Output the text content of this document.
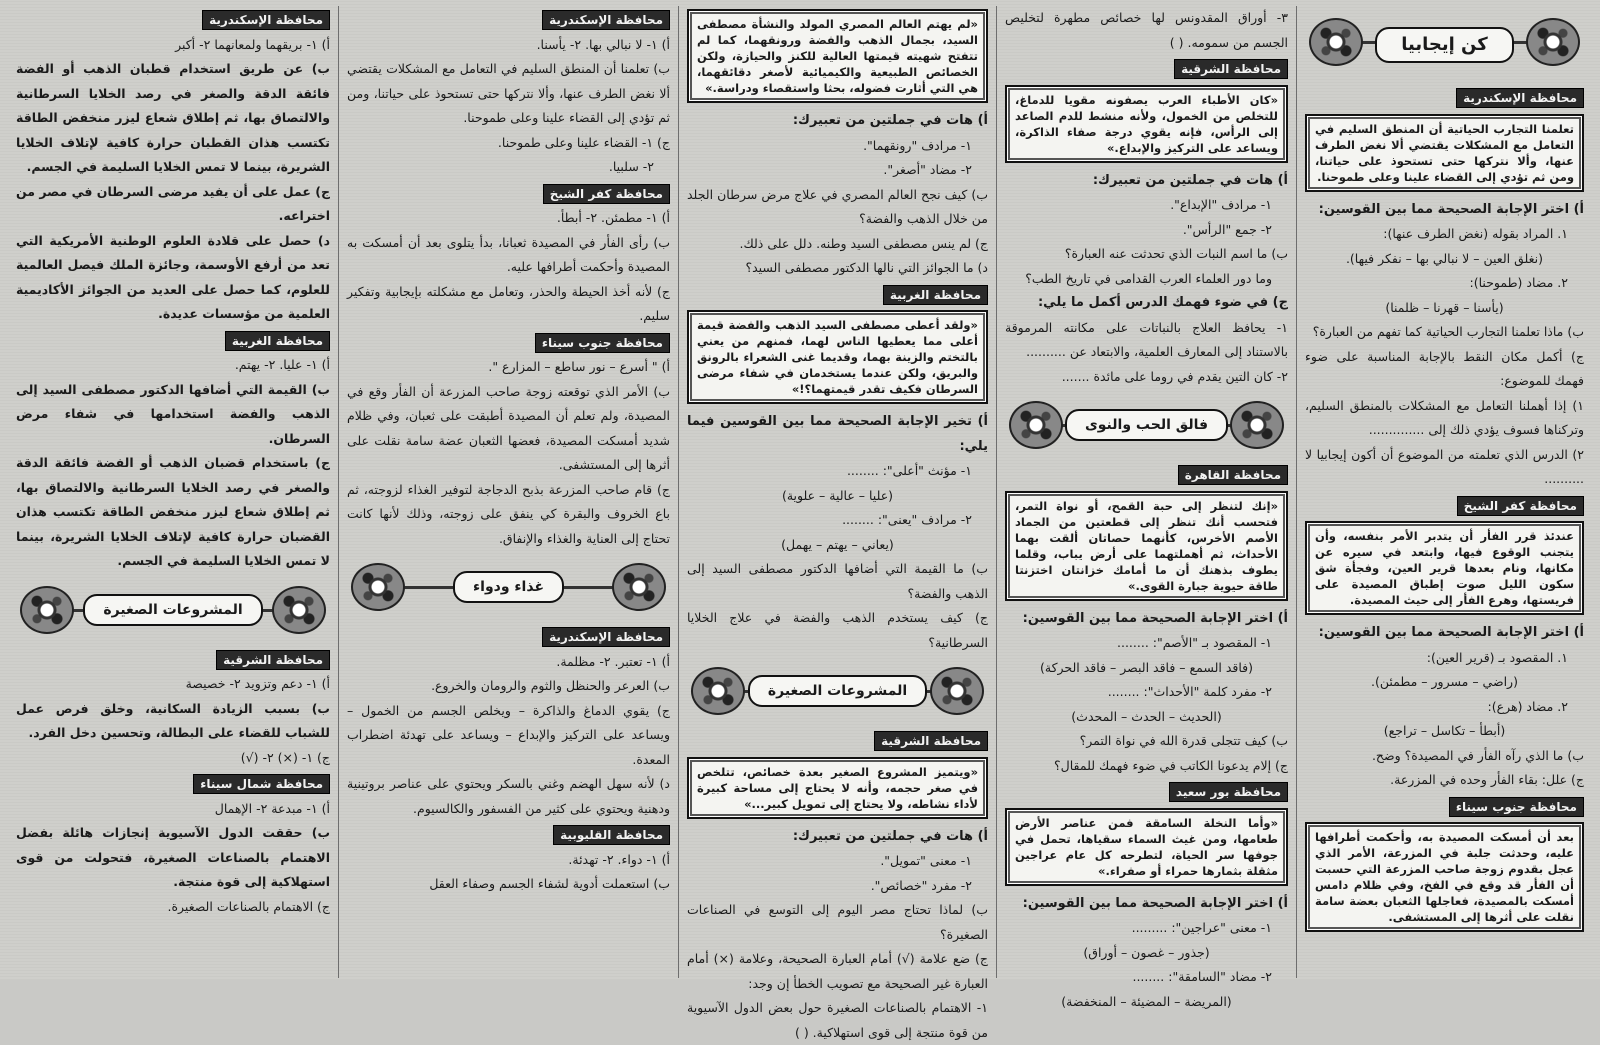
كن إيجابيا
محافظة الإسكندرية
تعلمنا التجارب الحياتية أن المنطق السليم في التعامل مع المشكلات يقتضي ألا نغض الطرف عنها، وألا نتركها حتى تستحوذ على حياتنا، ومن ثم تؤدي إلى القضاء علينا وعلى طموحنا.
أ) اختر الإجابة الصحيحة مما بين القوسين:
١. المراد بقوله (نغض الطرف عنها):
(نغلق العين – لا نبالي بها – نفكر فيها).
٢. مضاد (طموحنا):
(يأسنا – قهرنا – ظلمنا)
ب) ماذا تعلمنا التجارب الحياتية كما تفهم من العبارة؟
ج) أكمل مكان النقط بالإجابة المناسبة على ضوء فهمك للموضوع:
١) إذا أهملنا التعامل مع المشكلات بالمنطق السليم، وتركناها فسوف يؤدي ذلك إلى ..............
٢) الدرس الذي تعلمته من الموضوع أن أكون إيجابيا لا ..........
محافظة كفر الشيخ
عندئذ قرر الفأر أن يتدبر الأمر بنفسه، وأن يتجنب الوقوع فيها، وابتعد في سيره عن مكانها، ونام بعدها قرير العين، وفجأة شق سكون الليل صوت إطباق المصيدة على فريستها، وهرع الفأر إلى حيث المصيدة.
أ) اختر الإجابة الصحيحة مما بين القوسين:
١. المقصود بـ (قرير العين):
(راضي – مسرور – مطمئن).
٢. مضاد (هرع):
(أبطأ – تكاسل – تراجع)
ب) ما الذي رآه الفأر في المصيدة؟ وضح.
ج) علل: بقاء الفأر وحده في المزرعة.
محافظة جنوب سيناء
بعد أن أمسكت المصيدة به، وأحكمت أطرافها عليه، وحدثت جلبة في المزرعة، الأمر الذي عجل بقدوم زوجة صاحب المزرعة التي حسبت أن الفأر قد وقع في الفخ، وفي ظلام دامس أمسكت بالمصيدة، فعاجلها الثعبان بعضة سامة نقلت على أثرها إلى المستشفى.
٣- أوراق المقدونس لها خصائص مطهرة لتخليص الجسم من سمومه. ( )
محافظة الشرقية
«كان الأطباء العرب يصفونه مقويا للدماغ، للتخلص من الخمول، ولأنه منشط للدم الصاعد إلى الرأس، فإنه يقوي درجة صفاء الذاكرة، ويساعد على التركيز والإبداع.»
أ) هات في جملتين من تعبيرك:
١- مرادف "الإبداع".
٢- جمع "الرأس".
ب) ما اسم النبات الذي تحدثت عنه العبارة؟
وما دور العلماء العرب القدامى في تاريخ الطب؟
ج) في ضوء فهمك الدرس أكمل ما يلي:
١- يحافظ العلاج بالنباتات على مكانته المرموقة بالاستناد إلى المعارف العلمية، والابتعاد عن ..........
٢- كان التين يقدم في روما على مائدة .......
فالق الحب والنوى
محافظة القاهرة
«إنك لتنظر إلى حبة القمح، أو نواة التمر، فتحسب أنك تنظر إلى قطعتين من الجماد الأصم الأخرس، كأنهما حصاتان ألقت بهما الأحداث، ثم أهملتهما على أرض يباب، وقلما يطوف بذهنك أن ما أمامك خزانتان اختزنتا طاقة حيوية جبارة القوى.»
أ) اختر الإجابة الصحيحة مما بين القوسين:
١- المقصود بـ "الأصم": ........
(فاقد السمع – فاقد البصر – فاقد الحركة)
٢- مفرد كلمة "الأحداث": ........
(الحديث – الحدث – المحدث)
ب) كيف تتجلى قدرة الله في نواة التمر؟
ج) إلام يدعونا الكاتب في ضوء فهمك للمقال؟
محافظة بور سعيد
«وأما النخلة السامقة فمن عناصر الأرض طعامها، ومن غيث السماء سقياها، تحمل في جوفها سر الحياة، لتطرحه كل عام عراجين مثقلة بثمارها حمراء أو صفراء.»
أ) اختر الإجابة الصحيحة مما بين القوسين:
١- معنى "عراجين": .........
(جذور – غصون – أوراق)
٢- مضاد "السامقة": ........
(المريضة – المضيئة – المنخفضة)
«لم يهتم العالم المصري المولد والنشأة مصطفى السيد، بجمال الذهب والفضة ورونقهما، كما لم تتفتح شهيته قيمتها العالية للكنز والحيازة، ولكن الخصائص الطبيعية والكيميائية لأصغر دقائقهما، هي التي أثارت فضوله، بحثا واستقصاء ودراسة.»
أ) هات في جملتين من تعبيرك:
١- مرادف "رونقهما".
٢- مضاد "أصغر".
ب) كيف نجح العالم المصري في علاج مرض سرطان الجلد من خلال الذهب والفضة؟
ج) لم ينس مصطفى السيد وطنه. دلل على ذلك.
د) ما الجوائز التي نالها الدكتور مصطفى السيد؟
محافظة الغربية
«ولقد أعطى مصطفى السيد الذهب والفضة قيمة أعلى مما يعطيها الناس لهما، فمنهم من يعني بالتختم والزينة بهما، وقديما غنى الشعراء بالرونق والبريق، ولكن عندما يستخدمان في شفاء مرضى السرطان فكيف تقدر قيمتهما؟!»
أ) تخير الإجابة الصحيحة مما بين القوسين فيما يلي:
١- مؤنث "أعلى": ........
(عليا – عالية – علوية)
٢- مرادف "يعنى": ........
(يعاني – يهتم – يهمل)
ب) ما القيمة التي أضافها الدكتور مصطفى السيد إلى الذهب والفضة؟
ج) كيف يستخدم الذهب والفضة في علاج الخلايا السرطانية؟
المشروعات الصغيرة
محافظة الشرقية
«ويتميز المشروع الصغير بعدة خصائص، تتلخص في صغر حجمه، وأنه لا يحتاج إلى مساحة كبيرة لأداء نشاطه، ولا يحتاج إلى تمويل كبير...»
أ) هات في جملتين من تعبيرك:
١- معنى "تمويل".
٢- مفرد "خصائص".
ب) لماذا تحتاج مصر اليوم إلى التوسع في الصناعات الصغيرة؟
ج) ضع علامة (√) أمام العبارة الصحيحة، وعلامة (×) أمام العبارة غير الصحيحة مع تصويب الخطأ إن وجد:
١- الاهتمام بالصناعات الصغيرة حول بعض الدول الآسيوية من قوة منتجة إلى قوى استهلاكية. ( )
محافظة الإسكندرية
أ) ١- لا نبالي بها. ٢- يأسنا.
ب) تعلمنا أن المنطق السليم في التعامل مع المشكلات يقتضي ألا نغض الطرف عنها، وألا نتركها حتى تستحوذ على حياتنا، ومن ثم تؤدي إلى القضاء علينا وعلى طموحنا.
ج) ١- القضاء علينا وعلى طموحنا.
٢- سلبيا.
محافظة كفر الشيخ
أ) ١- مطمئن. ٢- أبطأ.
ب) رأى الفأر في المصيدة ثعبانا، بدأ يتلوى بعد أن أمسكت به المصيدة وأحكمت أطرافها عليه.
ج) لأنه أخذ الحيطة والحذر، وتعامل مع مشكلته بإيجابية وتفكير سليم.
محافظة جنوب سيناء
أ) " أسرع – نور ساطع – المزارع ".
ب) الأمر الذي توقعته زوجة صاحب المزرعة أن الفأر وقع في المصيدة، ولم تعلم أن المصيدة أطبقت على ثعبان، وفي ظلام شديد أمسكت المصيدة، فعضها الثعبان عضة سامة نقلت على أثرها إلى المستشفى.
ج) قام صاحب المزرعة بذبح الدجاجة لتوفير الغذاء لزوجته، ثم باع الخروف والبقرة كي ينفق على زوجته، وذلك لأنها كانت تحتاج إلى العناية والغذاء والإنفاق.
غذاء ودواء
محافظة الإسكندرية
أ) ١- تعتبر. ٢- مظلمة.
ب) العرعر والحنظل والثوم والرومان والخروع.
ج) يقوي الدماغ والذاكرة – ويخلص الجسم من الخمول – ويساعد على التركيز والإبداع – ويساعد على تهدئة اضطراب المعدة.
د) لأنه سهل الهضم وغني بالسكر ويحتوي على عناصر بروتينية ودهنية ويحتوي على كثير من الفسفور والكالسيوم.
محافظة القليوبية
أ) ١- دواء. ٢- تهدئة.
ب) استعملت أدوية لشفاء الجسم وصفاء العقل
محافظة الإسكندرية
أ) ١- بريقهما ولمعانهما ٢- أكبر
ب) عن طريق استخدام قطبان الذهب أو الفضة فائقة الدقة والصغر في رصد الخلايا السرطانية والالتصاق بها، ثم إطلاق شعاع ليزر منخفض الطاقة تكتسب هذان القطبان حرارة كافية لإتلاف الخلايا الشريرة، بينما لا تمس الخلايا السليمة في الجسم.
ج) عمل على أن يفيد مرضى السرطان في مصر من اختراعه.
د) حصل على قلادة العلوم الوطنية الأمريكية التي تعد من أرفع الأوسمة، وجائزة الملك فيصل العالمية للعلوم، كما حصل على العديد من الجوائز الأكاديمية العلمية من مؤسسات عديدة.
محافظة الغربية
أ) ١- عليا. ٢- يهتم.
ب) القيمة التي أضافها الدكتور مصطفى السيد إلى الذهب والفضة استخدامها في شفاء مرض السرطان.
ج) باستخدام قضبان الذهب أو الفضة فائقة الدقة والصغر في رصد الخلايا السرطانية والالتصاق بها، ثم إطلاق شعاع ليزر منخفض الطاقة تكتسب هذان القضبان حرارة كافية لإتلاف الخلايا الشريرة، بينما لا تمس الخلايا السليمة في الجسم.
المشروعات الصغيرة
محافظة الشرقية
أ) ١- دعم وتزويد ٢- خصيصة
ب) بسبب الزيادة السكانية، وخلق فرص عمل للشباب للقضاء على البطالة، وتحسين دخل الفرد.
ج) ١- (×) ٢- (√)
محافظة شمال سيناء
أ) ١- مبدعة ٢- الإهمال
ب) حققت الدول الآسيوية إنجازات هائلة بفضل الاهتمام بالصناعات الصغيرة، فتحولت من قوى استهلاكية إلى قوة منتجة.
ج) الاهتمام بالصناعات الصغيرة.
